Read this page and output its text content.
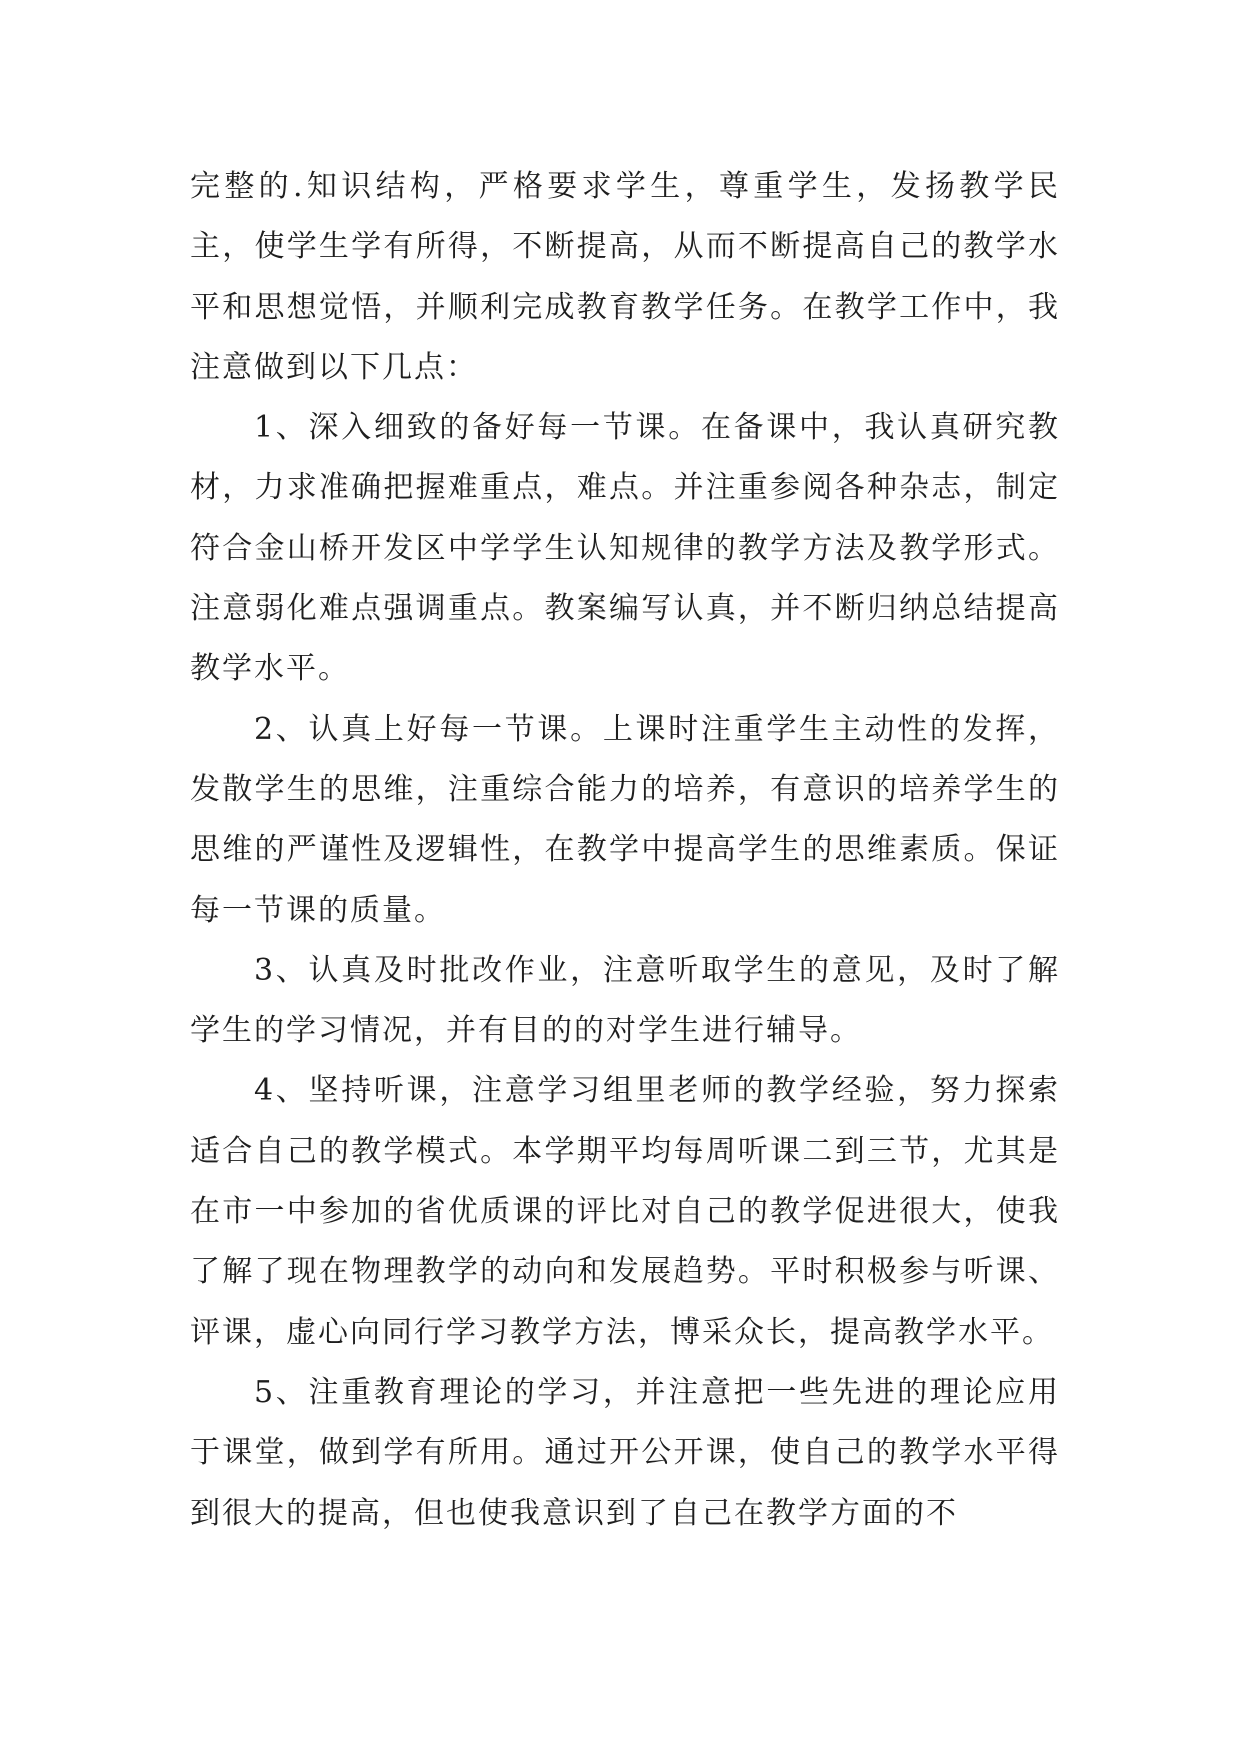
完整的.知识结构，严格要求学生，尊重学生，发扬教学民主，使学生学有所得，不断提高，从而不断提高自己的教学水平和思想觉悟，并顺利完成教育教学任务。在教学工作中，我注意做到以下几点：

1、深入细致的备好每一节课。在备课中，我认真研究教材，力求准确把握难重点，难点。并注重参阅各种杂志，制定符合金山桥开发区中学学生认知规律的教学方法及教学形式。注意弱化难点强调重点。教案编写认真，并不断归纳总结提高教学水平。

2、认真上好每一节课。上课时注重学生主动性的发挥，发散学生的思维，注重综合能力的培养，有意识的培养学生的思维的严谨性及逻辑性，在教学中提高学生的思维素质。保证每一节课的质量。

3、认真及时批改作业，注意听取学生的意见，及时了解学生的学习情况，并有目的的对学生进行辅导。

4、坚持听课，注意学习组里老师的教学经验，努力探索适合自己的教学模式。本学期平均每周听课二到三节，尤其是在市一中参加的省优质课的评比对自己的教学促进很大，使我了解了现在物理教学的动向和发展趋势。平时积极参与听课、评课，虚心向同行学习教学方法，博采众长，提高教学水平。

5、注重教育理论的学习，并注意把一些先进的理论应用于课堂，做到学有所用。通过开公开课，使自己的教学水平得到很大的提高，但也使我意识到了自己在教学方面的不
